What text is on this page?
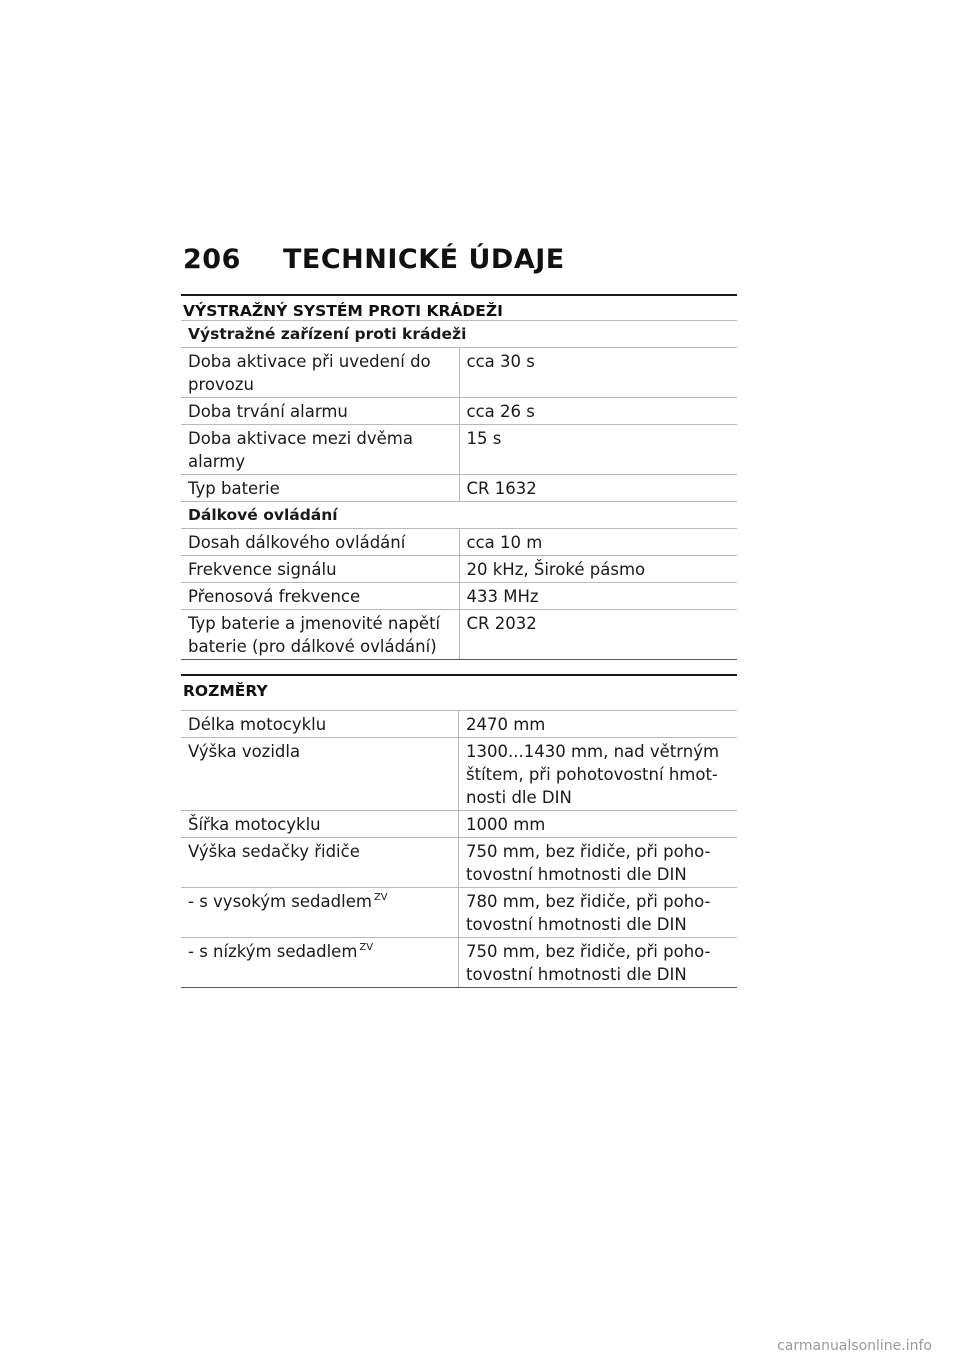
206 TECHNICKÉ ÚDAJE
VÝSTRAŽNÝ SYSTÉM PROTI KRÁDEŽI
Výstražné zařízení proti krádeži	
Doba aktivace při uvedení do provozu	cca 30 s
Doba trvání alarmu	cca 26 s
Doba aktivace mezi dvěma alarmy	15 s
Typ baterie	CR 1632
Dálkové ovládání	
Dosah dálkového ovládání	cca 10 m
Frekvence signálu	20 kHz, Široké pásmo
Přenosová frekvence	433 MHz
Typ baterie a jmenovité napětí baterie (pro dálkové ovládání)	CR 2032
ROZMĚRY
Délka motocyklu	2470 mm
Výška vozidla	1300...1430 mm, nad větrným štítem, při pohotovostní hmot-nosti dle DIN
Šířka motocyklu	1000 mm
Výška sedačky řidiče	750 mm, bez řidiče, při poho-tovostní hmotnosti dle DIN
- s vysokým sedadlem $^{ZV}$	780 mm, bez řidiče, při poho-tovostní hmotnosti dle DIN
- s nízkým sedadlem $^{ZV}$	750 mm, bez řidiče, při poho-tovostní hmotnosti dle DIN
carmanualsonline.info
